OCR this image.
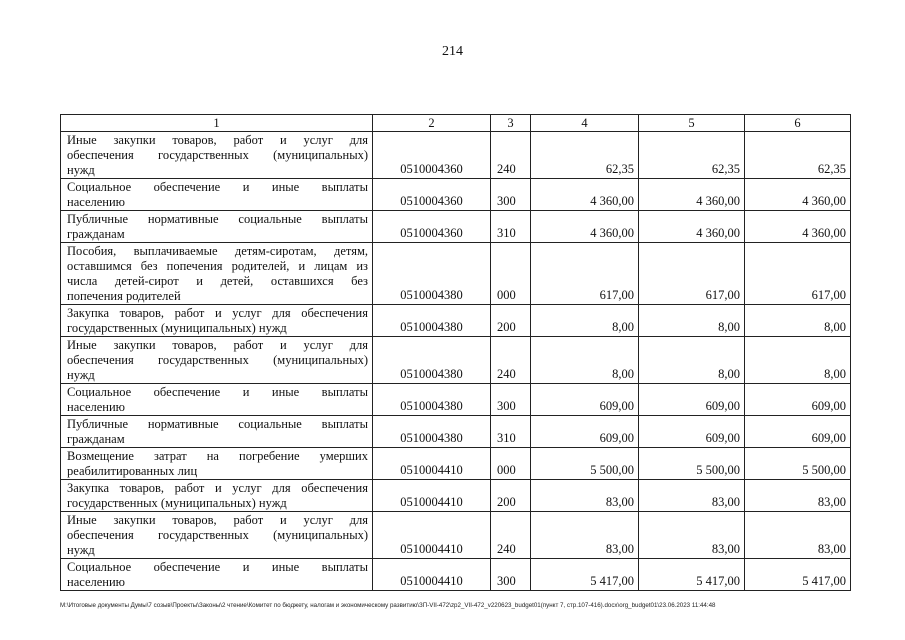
214
1	2	3	4	5	6

Иные закупки товаров, работ и услуг для
обеспечения государственных (муниципальных)
нужд	0510004360	240	62,35	62,35	62,35

Социальное обеспечение и иные выплаты
населению	0510004360	300	4 360,00	4 360,00	4 360,00

Публичные нормативные социальные выплаты
гражданам	0510004360	310	4 360,00	4 360,00	4 360,00

Пособия, выплачиваемые детям-сиротам, детям,
оставшимся без попечения родителей, и лицам из
числа детей-сирот и детей, оставшихся без
попечения родителей	0510004380	000	617,00	617,00	617,00

Закупка товаров, работ и услуг для обеспечения
государственных (муниципальных) нужд	0510004380	200	8,00	8,00	8,00

Иные закупки товаров, работ и услуг для
обеспечения государственных (муниципальных)
нужд	0510004380	240	8,00	8,00	8,00

Социальное обеспечение и иные выплаты
населению	0510004380	300	609,00	609,00	609,00

Публичные нормативные социальные выплаты
гражданам	0510004380	310	609,00	609,00	609,00

Возмещение затрат на погребение умерших
реабилитированных лиц	0510004410	000	5 500,00	5 500,00	5 500,00

Закупка товаров, работ и услуг для обеспечения
государственных (муниципальных) нужд	0510004410	200	83,00	83,00	83,00

Иные закупки товаров, работ и услуг для
обеспечения государственных (муниципальных)
нужд	0510004410	240	83,00	83,00	83,00

Социальное обеспечение и иные выплаты
населению	0510004410	300	5 417,00	5 417,00	5 417,00
М:\Итоговые документы Думы\7 созыв\Проекты\Законы\2 чтение\Комитет по бюджету, налогам и экономическому развитию\ЗП-VII-472\zp2_VII-472_v220623_budget01(пункт 7, стр.107-416).docx\org_budget01\23.06.2023 11:44:48
